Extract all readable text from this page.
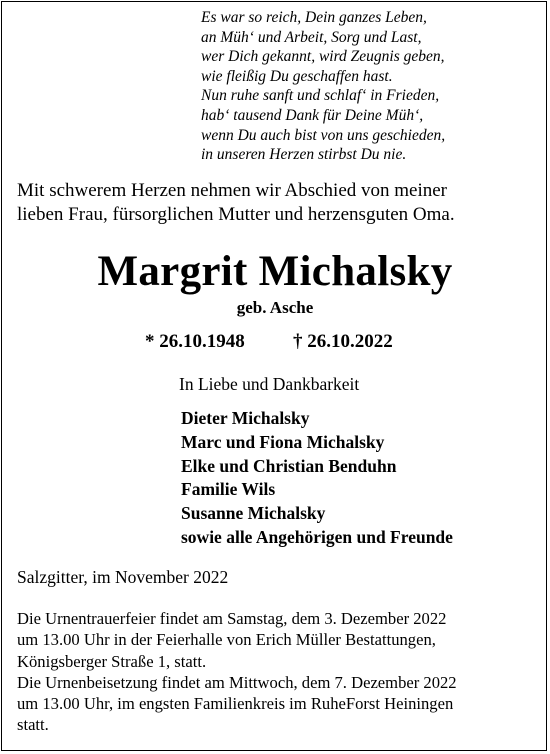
Es war so reich, Dein ganzes Leben,
an Müh‘ und Arbeit, Sorg und Last,
wer Dich gekannt, wird Zeugnis geben,
wie fleißig Du geschaffen hast.
Nun ruhe sanft und schlaf‘ in Frieden,
hab‘ tausend Dank für Deine Müh‘,
wenn Du auch bist von uns geschieden,
in unseren Herzen stirbst Du nie.
Mit schwerem Herzen nehmen wir Abschied von meiner
lieben Frau, fürsorglichen Mutter und herzensguten Oma.
Margrit Michalsky
geb. Asche
* 26.10.1948	† 26.10.2022
In Liebe und Dankbarkeit
Dieter Michalsky
Marc und Fiona Michalsky
Elke und Christian Benduhn
Familie Wils
Susanne Michalsky
sowie alle Angehörigen und Freunde
Salzgitter, im November 2022
Die Urnentrauerfeier findet am Samstag, dem 3. Dezember 2022
um 13.00 Uhr in der Feierhalle von Erich Müller Bestattungen,
Königsberger Straße 1, statt.
Die Urnenbeisetzung findet am Mittwoch, dem 7. Dezember 2022
um 13.00 Uhr, im engsten Familienkreis im RuheForst Heiningen
statt.
